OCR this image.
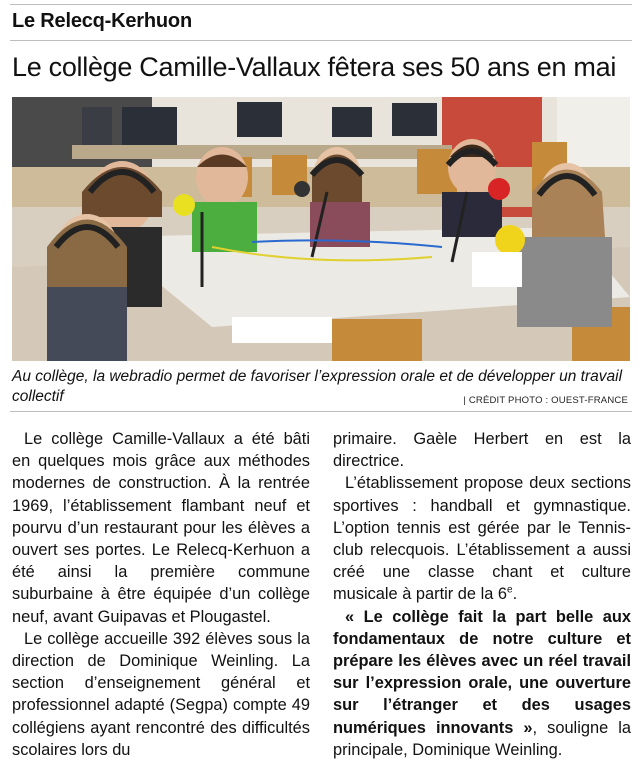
Le Relecq-Kerhuon
Le collège Camille-Vallaux fêtera ses 50 ans en mai
Au collège, la webradio permet de favoriser l’expression orale et de développer un travail collectif	| CRÉDIT PHOTO : OUEST-FRANCE

Le collège Camille-Vallaux a été bâti en quelques mois grâce aux méthodes modernes de construction. À la rentrée 1969, l’établissement flambant neuf et pourvu d’un restaurant pour les élèves a ouvert ses portes. Le Relecq-Kerhuon a été ainsi la première commune suburbaine à être équipée d’un collège neuf, avant Guipavas et Plougastel.

Le collège accueille 392 élèves sous la direction de Dominique Weinling. La section d’enseignement général et professionnel adapté (Segpa) compte 49 collégiens ayant rencontré des difficultés scolaires lors du

primaire. Gaèle Herbert en est la directrice.

L’établissement propose deux sections sportives : handball et gymnastique. L’option tennis est gérée par le Tennis-club relecquois. L’établissement a aussi créé une classe chant et culture musicale à partir de la 6e.

« Le collège fait la part belle aux fondamentaux de notre culture et prépare les élèves avec un réel travail sur l’expression orale, une ouverture sur l’étranger et des usages numériques innovants », souligne la principale, Dominique Weinling.
